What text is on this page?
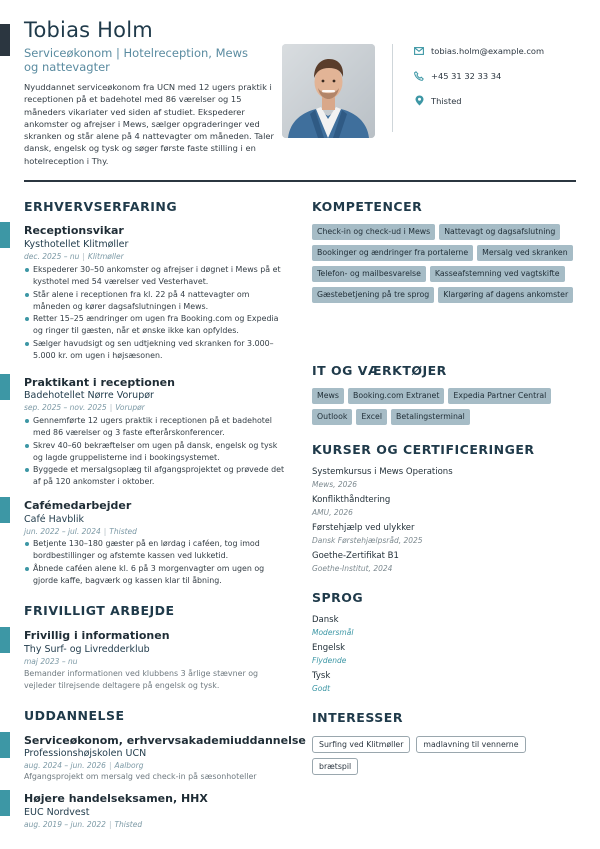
Tobias Holm
Serviceøkonom | Hotelreception, Mews
og nattevagter
Nyuddannet serviceøkonom fra UCN med 12 ugers praktik i receptionen på et badehotel med 86 værelser og 15 måneders vikariater ved siden af studiet. Ekspederer ankomster og afrejser i Mews, sælger opgraderinger ved skranken og står alene på 4 nattevagter om måneden. Taler dansk, engelsk og tysk og søger første faste stilling i en hotelreception i Thy.
tobias.holm@example.com
+45 31 32 33 34
Thisted
ERHVERVSERFARING
Receptionsvikar
Kysthotellet Klitmøller
dec. 2025 – nu | Klitmøller
Ekspederer 30–50 ankomster og afrejser i døgnet i Mews på et kysthotel med 54 værelser ved Vesterhavet.
Står alene i receptionen fra kl. 22 på 4 nattevagter om måneden og kører dagsafslutningen i Mews.
Retter 15–25 ændringer om ugen fra Booking.com og Expedia og ringer til gæsten, når et ønske ikke kan opfyldes.
Sælger havudsigt og sen udtjekning ved skranken for 3.000–5.000 kr. om ugen i højsæsonen.
Praktikant i receptionen
Badehotellet Nørre Vorupør
sep. 2025 – nov. 2025 | Vorupør
Gennemførte 12 ugers praktik i receptionen på et badehotel med 86 værelser og 3 faste efterårskonferencer.
Skrev 40–60 bekræftelser om ugen på dansk, engelsk og tysk og lagde gruppelisterne ind i bookingsystemet.
Byggede et mersalgsoplæg til afgangsprojektet og prøvede det af på 120 ankomster i oktober.
Cafémedarbejder
Café Havblik
jun. 2022 – jul. 2024 | Thisted
Betjente 130–180 gæster på en lørdag i caféen, tog imod bordbestillinger og afstemte kassen ved lukketid.
Åbnede caféen alene kl. 6 på 3 morgenvagter om ugen og gjorde kaffe, bagværk og kassen klar til åbning.
FRIVILLIGT ARBEJDE
Frivillig i informationen
Thy Surf- og Livredderklub
maj 2023 – nu
Bemander informationen ved klubbens 3 årlige stævner og vejleder tilrejsende deltagere på engelsk og tysk.
UDDANNELSE
Serviceøkonom, erhvervsakademiuddannelse
Professionshøjskolen UCN
aug. 2024 – jun. 2026 | Aalborg
Afgangsprojekt om mersalg ved check-in på sæsonhoteller
Højere handelseksamen, HHX
EUC Nordvest
aug. 2019 – jun. 2022 | Thisted
KOMPETENCER
Check-in og check-ud i Mews	Nattevagt og dagsafslutning
Bookinger og ændringer fra portalerne	Mersalg ved skranken
Telefon- og mailbesvarelse	Kasseafstemning ved vagtskifte
Gæstebetjening på tre sprog	Klargøring af dagens ankomster
IT OG VÆRKTØJER
Mews	Booking.com Extranet	Expedia Partner Central
Outlook	Excel	Betalingsterminal
KURSER OG CERTIFICERINGER
Systemkursus i Mews Operations
Mews, 2026
Konflikthåndtering
AMU, 2026
Førstehjælp ved ulykker
Dansk Førstehjælpsråd, 2025
Goethe-Zertifikat B1
Goethe-Institut, 2024
SPROG
Dansk
Modersmål
Engelsk
Flydende
Tysk
Godt
INTERESSER
Surfing ved Klitmøller	madlavning til vennerne
brætspil
